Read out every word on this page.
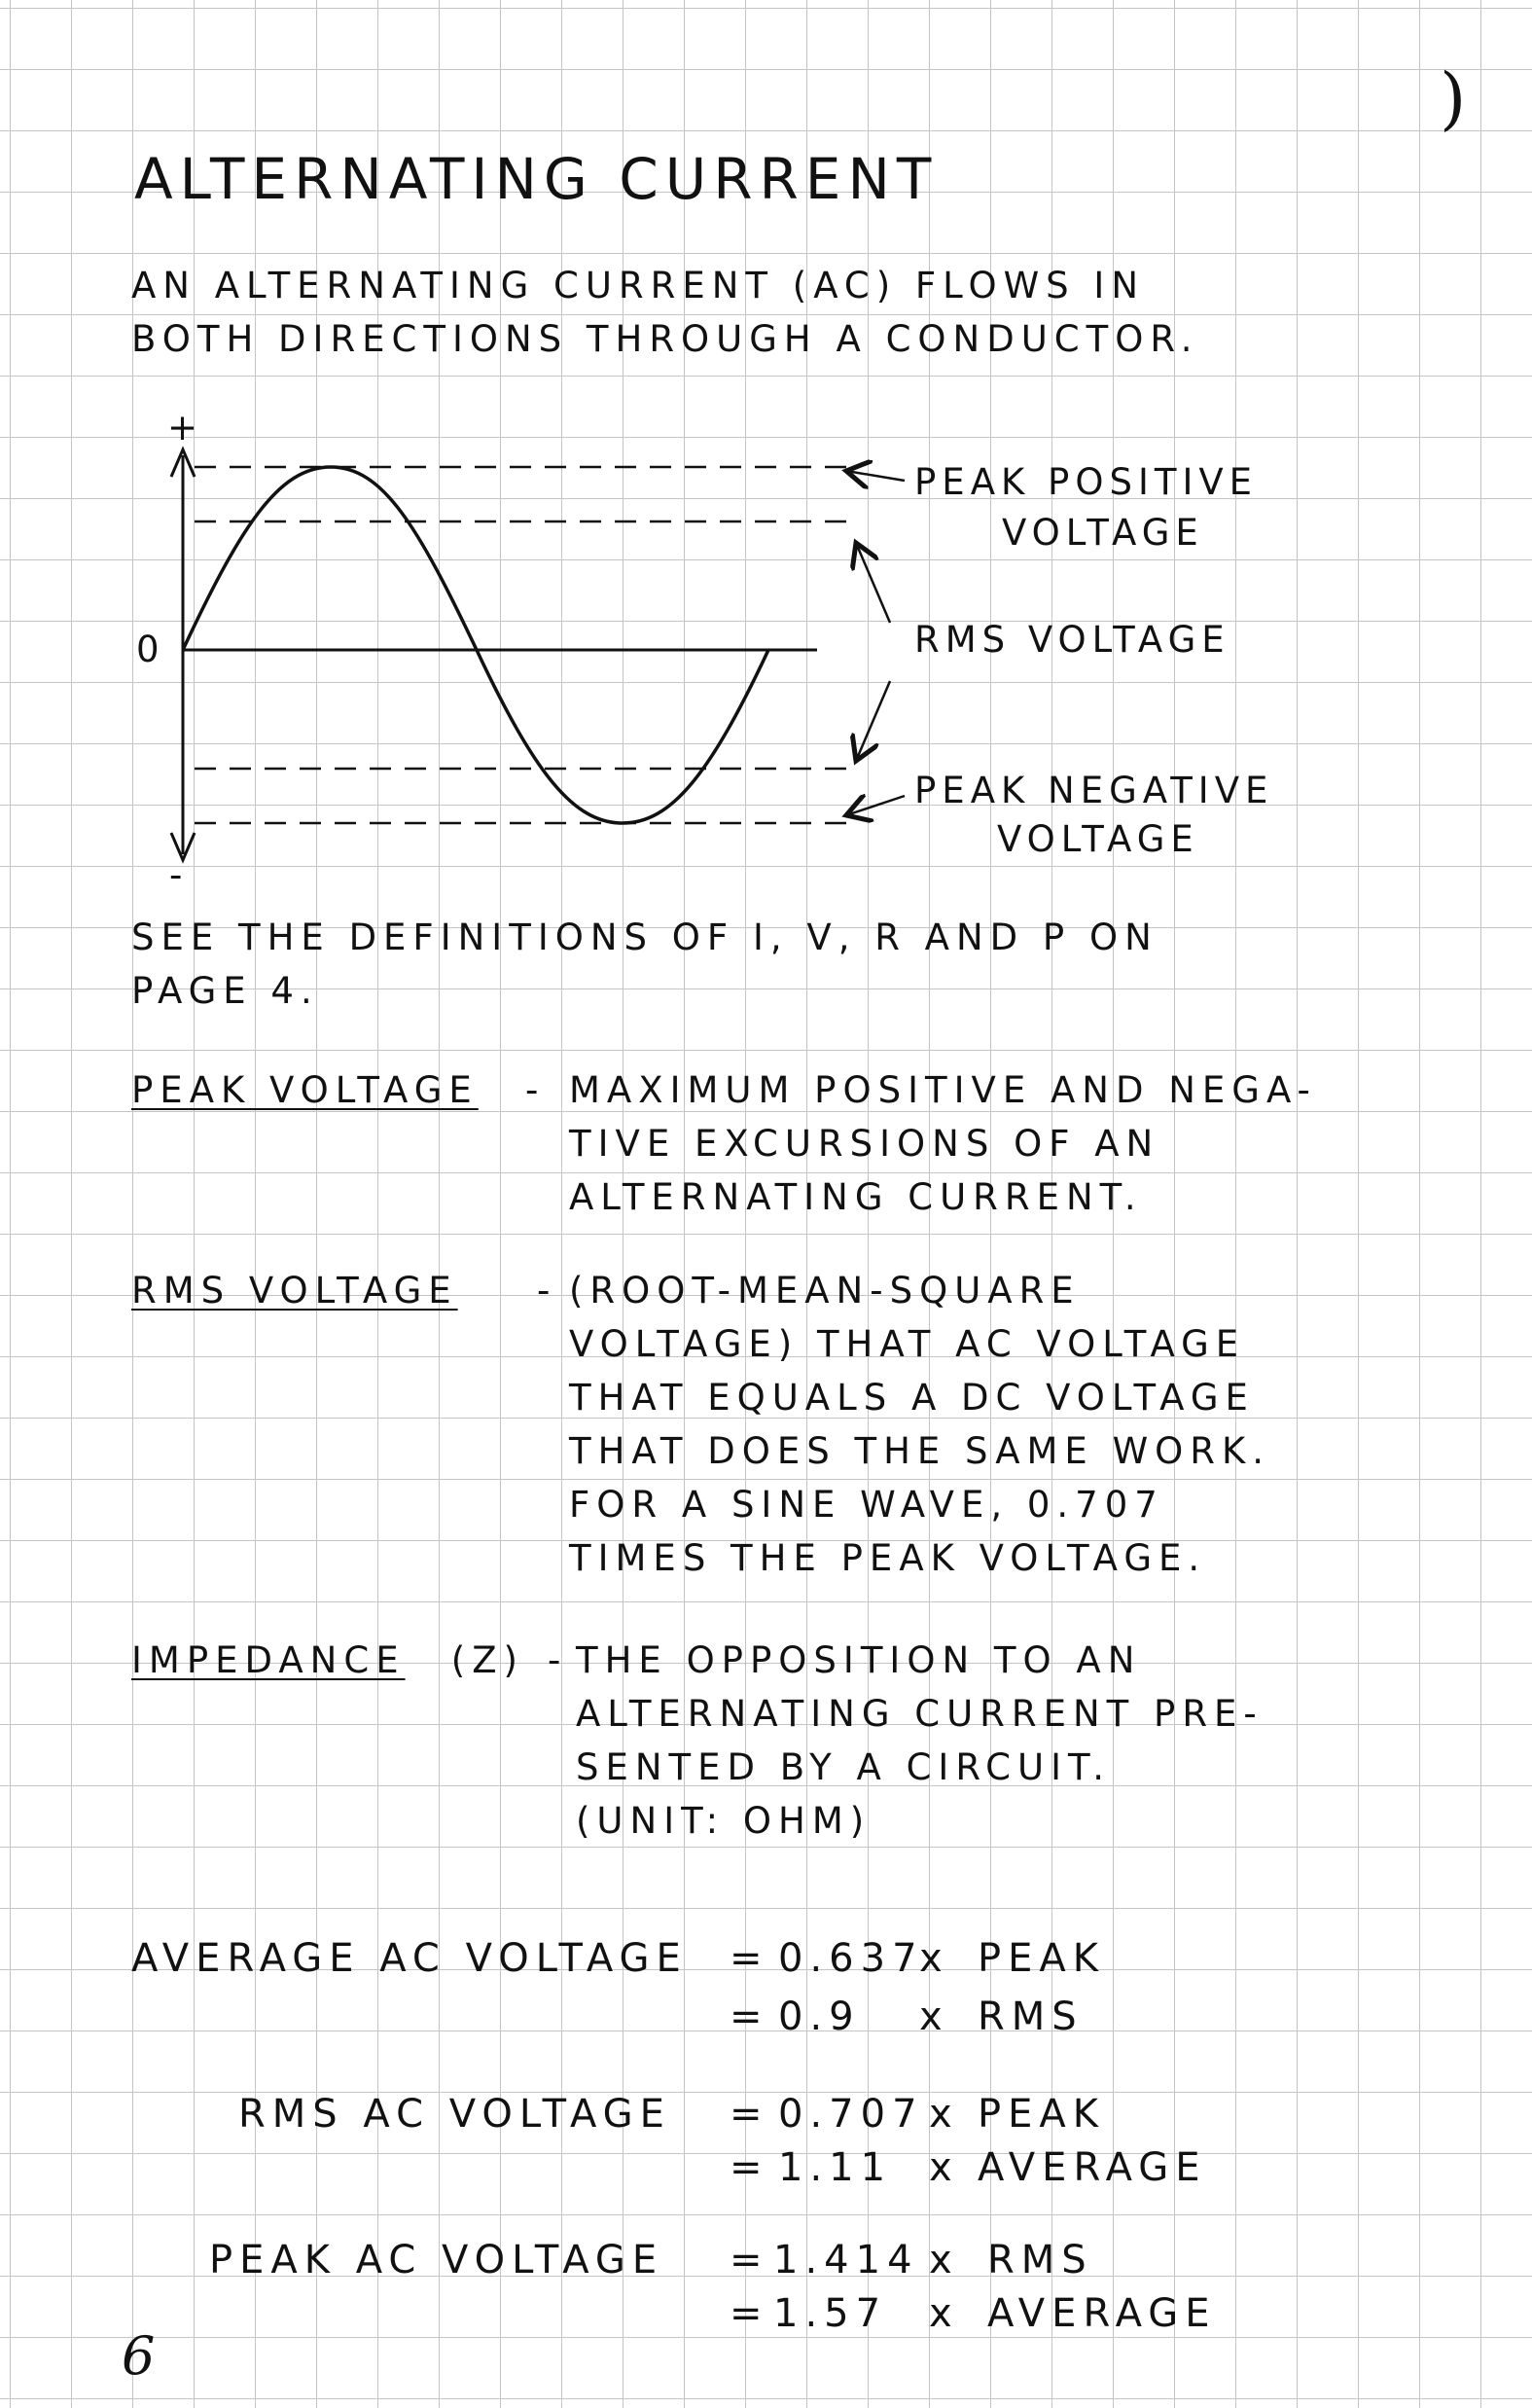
)
ALTERNATING CURRENT
AN ALTERNATING CURRENT (AC) FLOWS IN
BOTH DIRECTIONS THROUGH A CONDUCTOR.
+
-
0
PEAK POSITIVE
VOLTAGE
RMS VOLTAGE
PEAK NEGATIVE
VOLTAGE
SEE THE DEFINITIONS OF I, V, R AND P ON
PAGE 4.
PEAK VOLTAGE - MAXIMUM POSITIVE AND NEGA-
TIVE EXCURSIONS OF AN
ALTERNATING CURRENT.
RMS VOLTAGE - (ROOT-MEAN-SQUARE
VOLTAGE) THAT AC VOLTAGE
THAT EQUALS A DC VOLTAGE
THAT DOES THE SAME WORK.
FOR A SINE WAVE, 0.707
TIMES THE PEAK VOLTAGE.
IMPEDANCE (Z) - THE OPPOSITION TO AN
ALTERNATING CURRENT PRE-
SENTED BY A CIRCUIT.
(UNIT: OHM)
AVERAGE AC VOLTAGE = 0.637
x PEAK
= 0.9 x RMS
RMS AC VOLTAGE = 0.707 x PEAK
= 1.11 x AVERAGE
PEAK AC VOLTAGE = 1.414 x RMS
= 1.57 x AVERAGE
6
